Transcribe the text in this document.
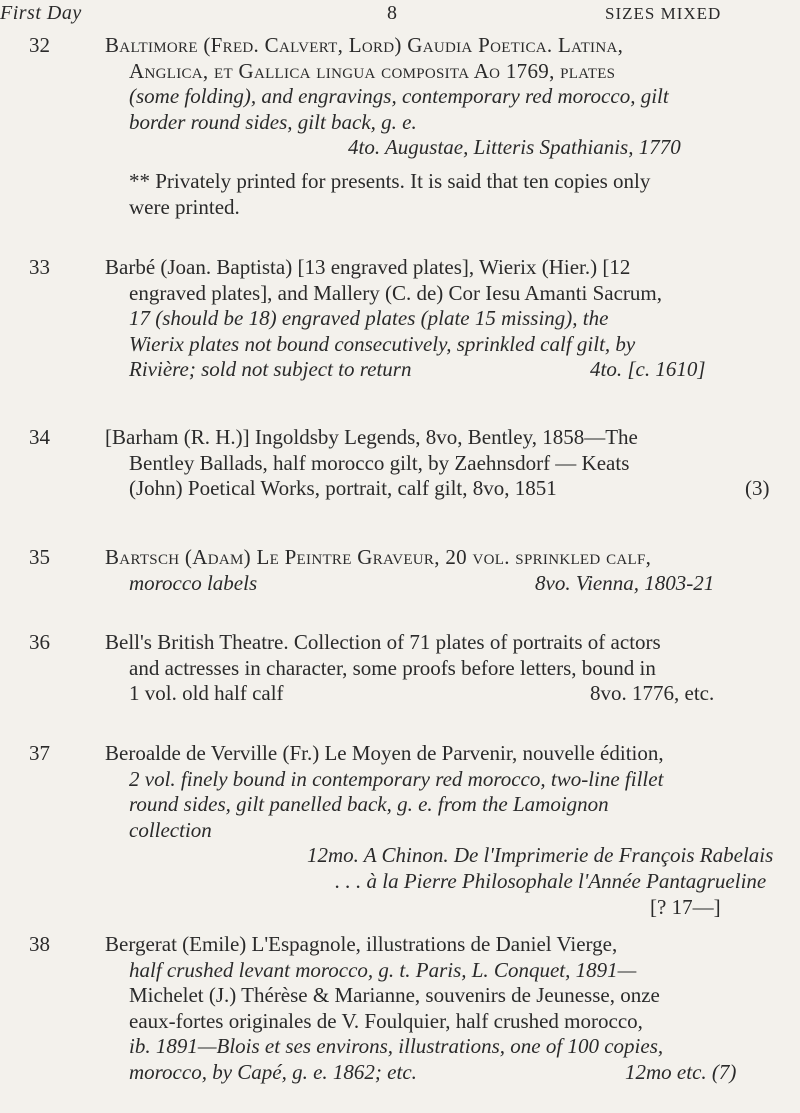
First Day	8	SIZES MIXED
32	Baltimore (Fred. Calvert, Lord) Gaudia Poetica. Latina,
Anglica, et Gallica lingua composita Ao 1769, plates
(some folding), and engravings, contemporary red morocco, gilt
border round sides, gilt back, g. e.
4to. Augustae, Litteris Spathianis, 1770
** Privately printed for presents. It is said that ten copies only
were printed.
33	Barbé (Joan. Baptista) [13 engraved plates], Wierix (Hier.) [12
engraved plates], and Mallery (C. de) Cor Iesu Amanti Sacrum,
17 (should be 18) engraved plates (plate 15 missing), the
Wierix plates not bound consecutively, sprinkled calf gilt, by
Rivière; sold not subject to return	4to. [c. 1610]
34	[Barham (R. H.)] Ingoldsby Legends, 8vo, Bentley, 1858—The
Bentley Ballads, half morocco gilt, by Zaehnsdorf — Keats
(John) Poetical Works, portrait, calf gilt, 8vo, 1851	(3)
35	Bartsch (Adam) Le Peintre Graveur, 20 vol. sprinkled calf,
morocco labels	8vo. Vienna, 1803-21
36	Bell's British Theatre. Collection of 71 plates of portraits of actors
and actresses in character, some proofs before letters, bound in
1 vol. old half calf	8vo. 1776, etc.
37	Beroalde de Verville (Fr.) Le Moyen de Parvenir, nouvelle édition,
2 vol. finely bound in contemporary red morocco, two-line fillet
round sides, gilt panelled back, g. e. from the Lamoignon
collection
12mo. A Chinon. De l'Imprimerie de François Rabelais
. . . à la Pierre Philosophale l'Année Pantagrueline
[? 17—]
38	Bergerat (Emile) L'Espagnole, illustrations de Daniel Vierge,
half crushed levant morocco, g. t. Paris, L. Conquet, 1891—
Michelet (J.) Thérèse & Marianne, souvenirs de Jeunesse, onze
eaux-fortes originales de V. Foulquier, half crushed morocco,
ib. 1891—Blois et ses environs, illustrations, one of 100 copies,
morocco, by Capé, g. e. 1862; etc.	12mo etc. (7)
